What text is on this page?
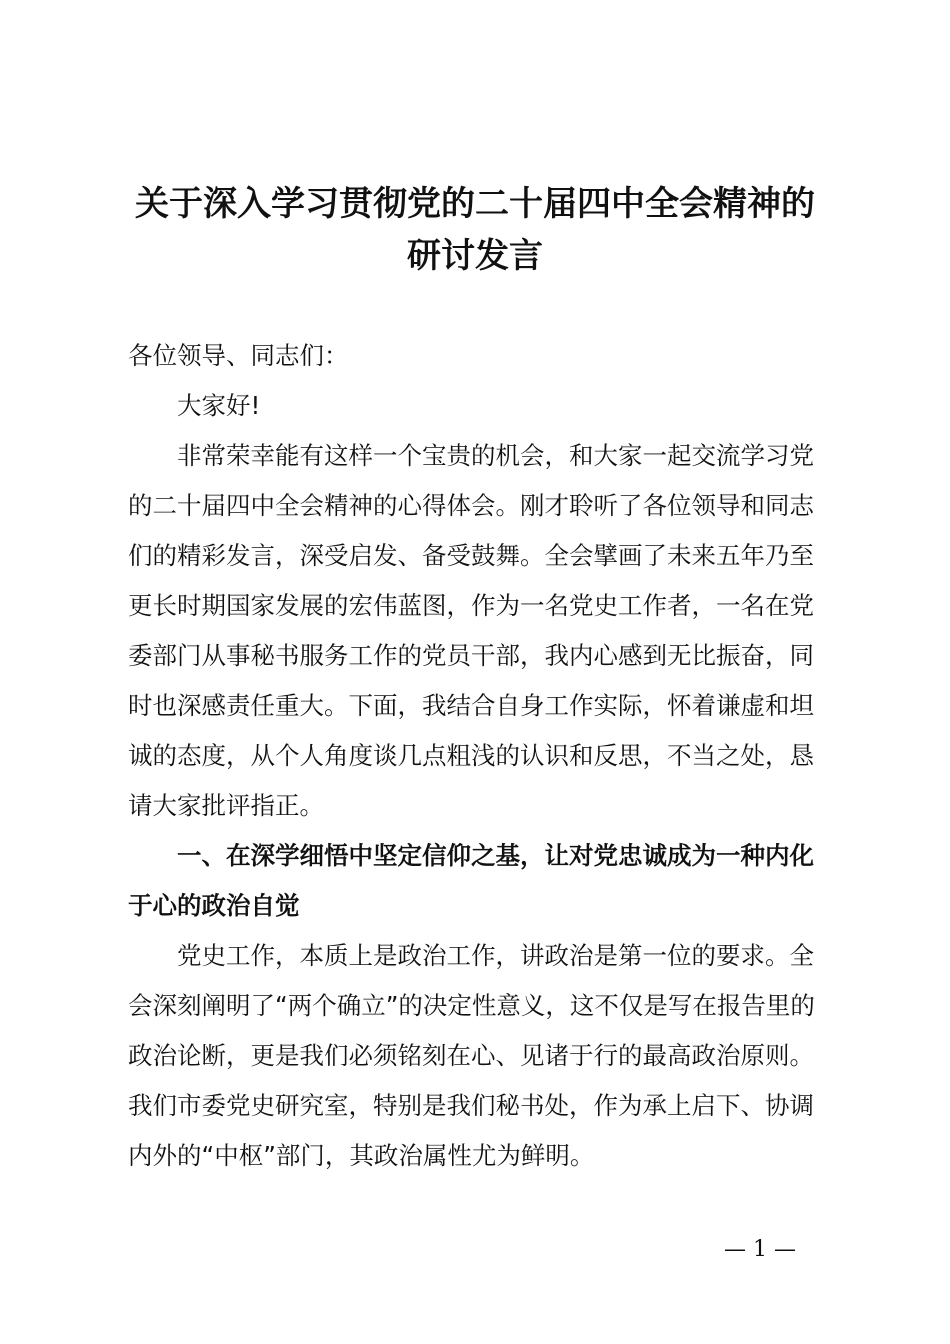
关于深入学习贯彻党的二十届四中全会精神的
研讨发言

各位领导、同志们：

大家好!

非常荣幸能有这样一个宝贵的机会，和大家一起交流学习党的二十届四中全会精神的心得体会。刚才聆听了各位领导和同志们的精彩发言，深受启发、备受鼓舞。全会擘画了未来五年乃至更长时期国家发展的宏伟蓝图，作为一名党史工作者，一名在党委部门从事秘书服务工作的党员干部，我内心感到无比振奋，同时也深感责任重大。下面，我结合自身工作实际，怀着谦虚和坦诚的态度，从个人角度谈几点粗浅的认识和反思，不当之处，恳请大家批评指正。

一、在深学细悟中坚定信仰之基，让对党忠诚成为一种内化于心的政治自觉

党史工作，本质上是政治工作，讲政治是第一位的要求。全会深刻阐明了“两个确立”的决定性意义，这不仅是写在报告里的政治论断，更是我们必须铭刻在心、见诸于行的最高政治原则。我们市委党史研究室，特别是我们秘书处，作为承上启下、协调内外的“中枢”部门，其政治属性尤为鲜明。

— 1 —
